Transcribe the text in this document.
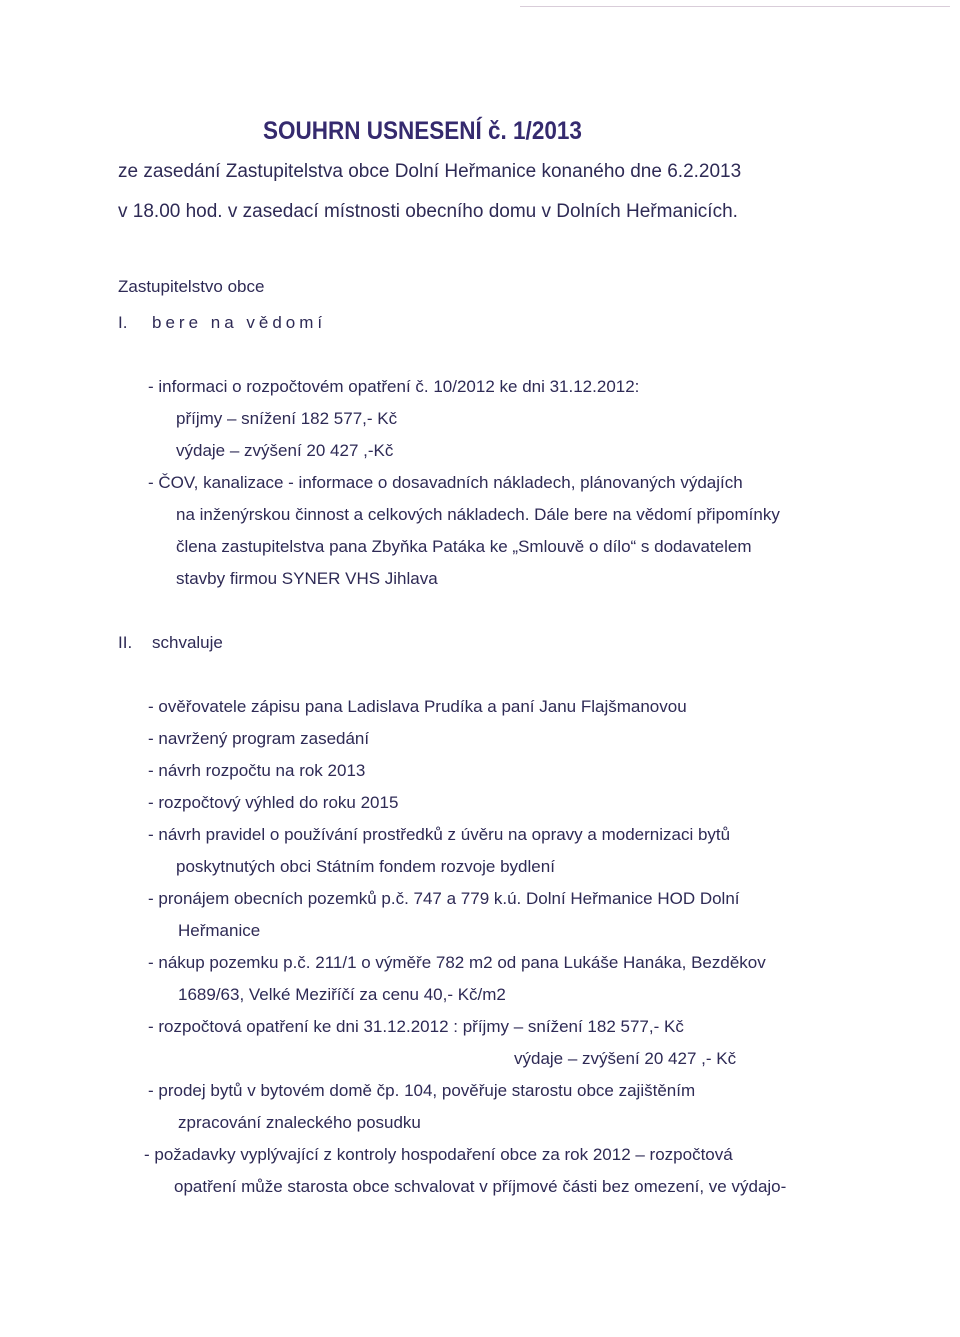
SOUHRN USNESENÍ č. 1/2013
ze zasedání Zastupitelstva obce Dolní Heřmanice konaného dne 6.2.2013
v 18.00 hod. v zasedací místnosti obecního domu v Dolních Heřmanicích.
Zastupitelstvo obce
I. bere na vědomí
- informaci o rozpočtovém opatření č. 10/2012 ke dni 31.12.2012:
příjmy – snížení 182 577,- Kč
výdaje – zvýšení 20 427 ,-Kč
- ČOV, kanalizace - informace o dosavadních nákladech, plánovaných výdajích
na inženýrskou činnost a celkových nákladech. Dále bere na vědomí připomínky
člena zastupitelstva pana Zbyňka Patáka ke „Smlouvě o dílo“ s dodavatelem
stavby firmou SYNER VHS Jihlava
II. schvaluje
- ověřovatele zápisu pana Ladislava Prudíka a paní Janu Flajšmanovou
- navržený program zasedání
- návrh rozpočtu na rok 2013
- rozpočtový výhled do roku 2015
- návrh pravidel o používání prostředků z úvěru na opravy a modernizaci bytů
poskytnutých obci Státním fondem rozvoje bydlení
- pronájem obecních pozemků p.č. 747 a 779 k.ú. Dolní Heřmanice HOD Dolní
Heřmanice
- nákup pozemku p.č. 211/1 o výměře 782 m2 od pana Lukáše Hanáka, Bezděkov
1689/63, Velké Meziříčí za cenu 40,- Kč/m2
- rozpočtová opatření ke dni 31.12.2012 : příjmy – snížení 182 577,- Kč
výdaje – zvýšení 20 427 ,- Kč
- prodej bytů v bytovém domě čp. 104, pověřuje starostu obce zajištěním
zpracování znaleckého posudku
- požadavky vyplývající z kontroly hospodaření obce za rok 2012 – rozpočtová
opatření může starosta obce schvalovat v příjmové části bez omezení, ve výdajo-
